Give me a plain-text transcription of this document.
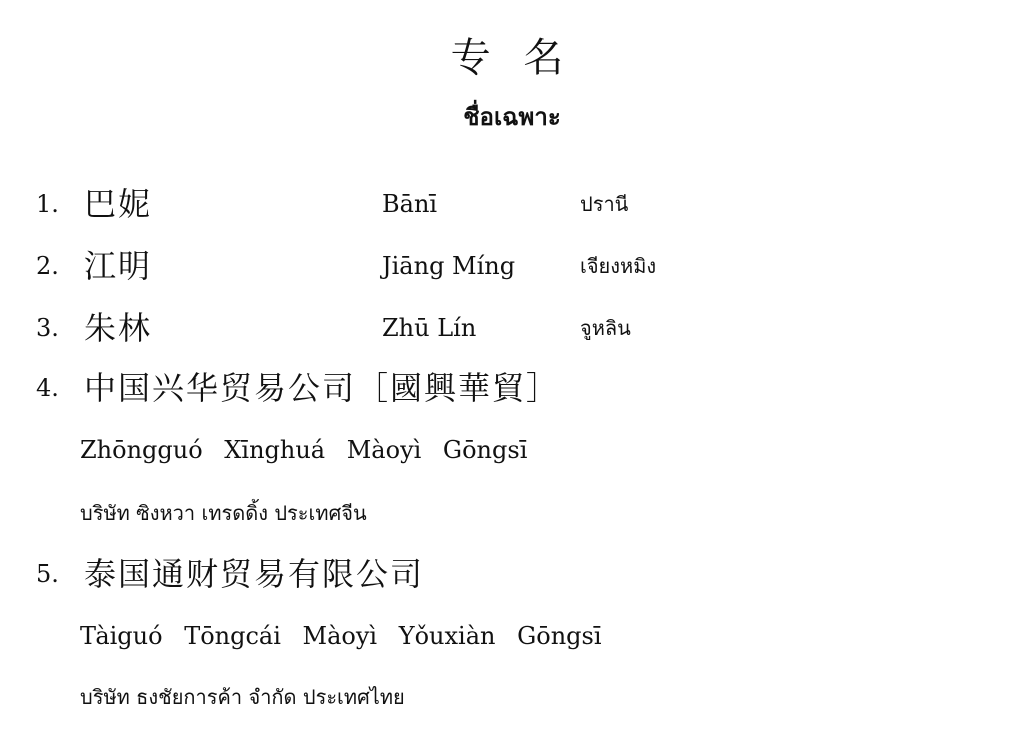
专 名
ชื่อเฉพาะ
1. 巴妮	Bānī	ปรานี
2. 江明	Jiāng Míng	เจียงหมิง
3. 朱林	Zhū Lín	จูหลิน
4. 中国兴华贸易公司［國興華貿］
Zhōngguó Xīnghuá Màoyì Gōngsī
บริษัท ซิงหวา เทรดดิ้ง ประเทศจีน
5. 泰国通财贸易有限公司
Tàiguó Tōngcái Màoyì Yǒuxiàn Gōngsī
บริษัท ธงชัยการค้า จำกัด ประเทศไทย
